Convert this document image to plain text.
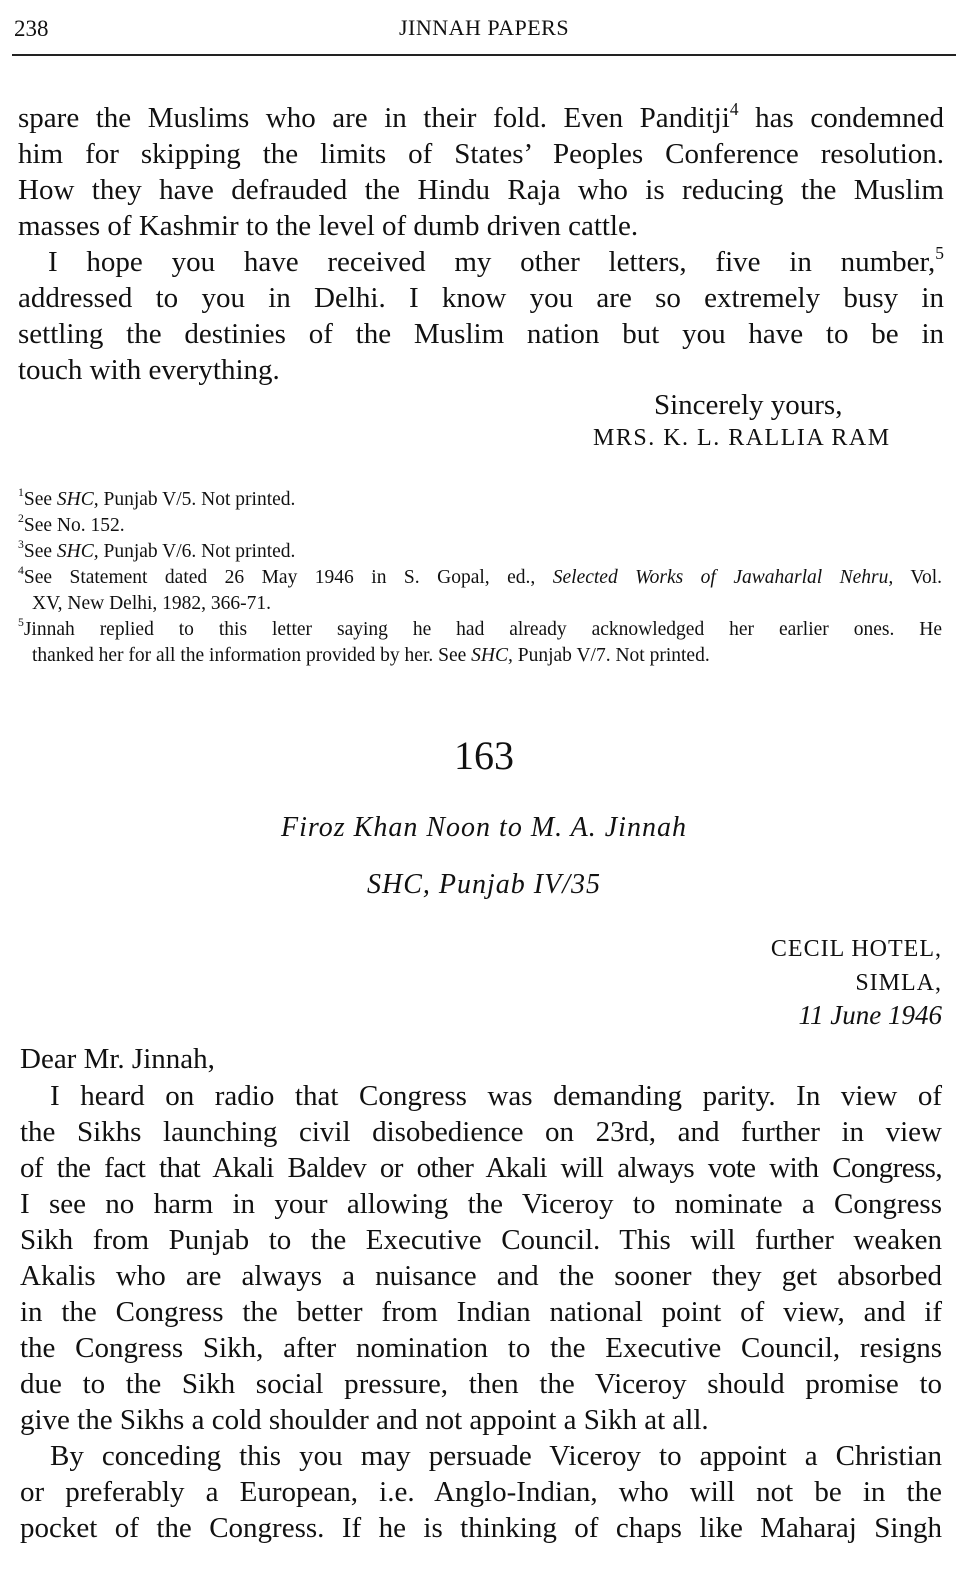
238	JINNAH PAPERS
spare the Muslims who are in their fold. Even Panditji$^4$ has condemned
him for skipping the limits of States’ Peoples Conference resolution.
How they have defrauded the Hindu Raja who is reducing the Muslim
masses of Kashmir to the level of dumb driven cattle.
I hope you have received my other letters, five in number,$^5$
addressed to you in Delhi. I know you are so extremely busy in
settling the destinies of the Muslim nation but you have to be in
touch with everything.
Sincerely yours,
MRS. K. L. RALLIA RAM
$^1$See SHC, Punjab V/5. Not printed.
$^2$See No. 152.
$^3$See SHC, Punjab V/6. Not printed.
$^4$See Statement dated 26 May 1946 in S. Gopal, ed., Selected Works of Jawaharlal Nehru, Vol.
XV, New Delhi, 1982, 366-71.
$^5$Jinnah replied to this letter saying he had already acknowledged her earlier ones. He
thanked her for all the information provided by her. See SHC, Punjab V/7. Not printed.
163
Firoz Khan Noon to M. A. Jinnah
SHC, Punjab IV/35
CECIL HOTEL,
SIMLA,
11 June 1946
Dear Mr. Jinnah,
I heard on radio that Congress was demanding parity. In view of
the Sikhs launching civil disobedience on 23rd, and further in view
of the fact that Akali Baldev or other Akali will always vote with Congress,
I see no harm in your allowing the Viceroy to nominate a Congress
Sikh from Punjab to the Executive Council. This will further weaken
Akalis who are always a nuisance and the sooner they get absorbed
in the Congress the better from Indian national point of view, and if
the Congress Sikh, after nomination to the Executive Council, resigns
due to the Sikh social pressure, then the Viceroy should promise to
give the Sikhs a cold shoulder and not appoint a Sikh at all.
By conceding this you may persuade Viceroy to appoint a Christian
or preferably a European, i.e. Anglo-Indian, who will not be in the
pocket of the Congress. If he is thinking of chaps like Maharaj Singh
